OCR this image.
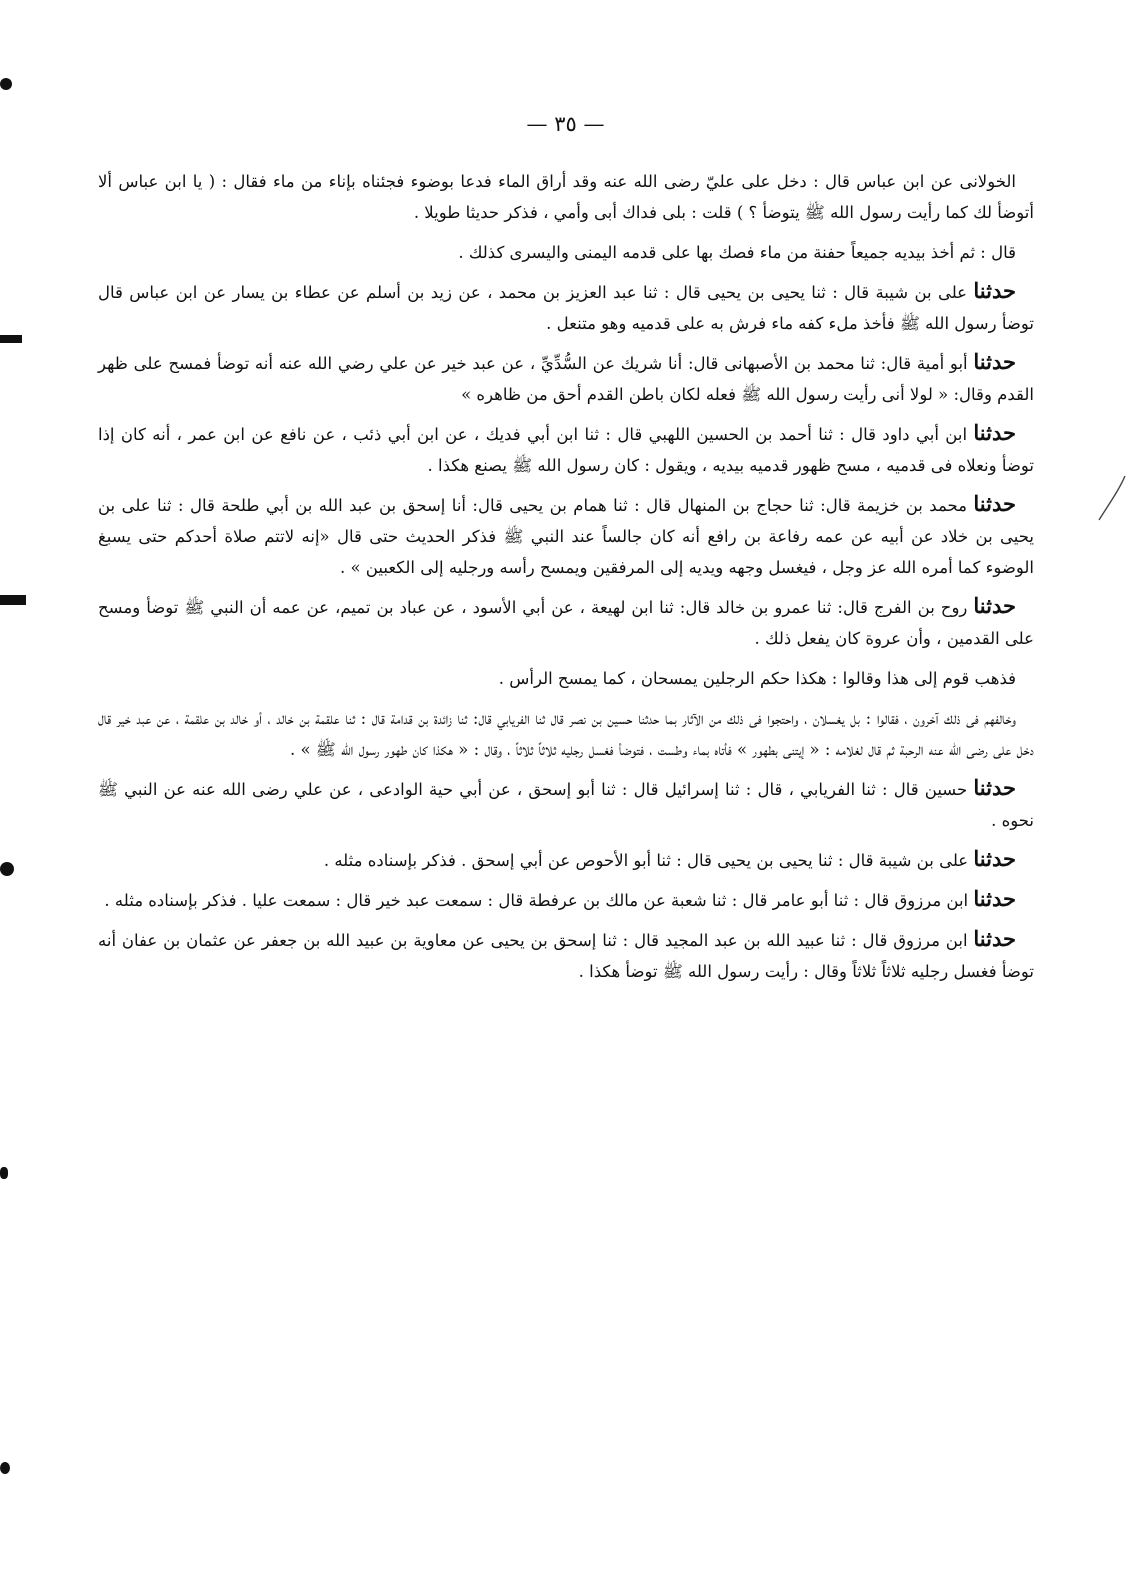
— ٣٥ —

الخولانى عن ابن عباس قال : دخل على عليّ رضى الله عنه وقد أراق الماء فدعا بوضوء فجئناه بإناء من ماء فقال : ( يا ابن عباس ألا أتوضأ لك كما رأيت رسول الله ﷺ يتوضأ ؟ ) قلت : بلى فداك أبى وأمي ، فذكر حديثا طويلا .

قال : ثم أخذ بيديه جميعاً حفنة من ماء فصك بها على قدمه اليمنى واليسرى كذلك .

حدثنا على بن شيبة قال : ثنا يحيى بن يحيى قال : ثنا عبد العزيز بن محمد ، عن زيد بن أسلم عن عطاء بن يسار عن ابن عباس قال توضأ رسول الله ﷺ فأخذ ملء كفه ماء فرش به على قدميه وهو متنعل .

حدثنا أبو أمية قال: ثنا محمد بن الأصبهانى قال: أنا شريك عن السُّدِّيِّ ، عن عبد خير عن علي رضي الله عنه أنه توضأ فمسح على ظهر القدم وقال: « لولا أنى رأيت رسول الله ﷺ فعله لكان باطن القدم أحق من ظاهره »

حدثنا ابن أبي داود قال : ثنا أحمد بن الحسين اللهبي قال : ثنا ابن أبي فديك ، عن ابن أبي ذئب ، عن نافع عن ابن عمر ، أنه كان إذا توضأ ونعلاه فى قدميه ، مسح ظهور قدميه بيديه ، ويقول : كان رسول الله ﷺ يصنع هكذا .

حدثنا محمد بن خزيمة قال: ثنا حجاج بن المنهال قال : ثنا همام بن يحيى قال: أنا إسحق بن عبد الله بن أبي طلحة قال : ثنا على بن يحيى بن خلاد عن أبيه عن عمه رفاعة بن رافع أنه كان جالساً عند النبي ﷺ فذكر الحديث حتى قال «إنه لاتتم صلاة أحدكم حتى يسبغ الوضوء كما أمره الله عز وجل ، فيغسل وجهه ويديه إلى المرفقين ويمسح رأسه ورجليه إلى الكعبين » .

حدثنا روح بن الفرج قال: ثنا عمرو بن خالد قال: ثنا ابن لهيعة ، عن أبي الأسود ، عن عباد بن تميم، عن عمه أن النبي ﷺ توضأ ومسح على القدمين ، وأن عروة كان يفعل ذلك .

فذهب قوم إلى هذا وقالوا : هكذا حكم الرجلين يمسحان ، كما يمسح الرأس .

وخالفهم فى ذلك آخرون ، فقالوا : بل يغسلان ، واحتجوا فى ذلك من الآثار بما حدثنا حسين بن نصر قال ثنا الفريابي قال: ثنا زائدة بن قدامة قال : ثنا علقمة بن خالد ، أو خالد بن علقمة ، عن عبد خير قال دخل على رضى الله عنه الرحبة ثم قال لغلامه : « إيتنى بطهور » فأتاه بماء وطست ، فتوضأ فغسل رجليه ثلاثاً ثلاثاً ، وقال : « هكذا كان طهور رسول الله ﷺ » .

حدثنا حسين قال : ثنا الفريابي ، قال : ثنا إسرائيل قال : ثنا أبو إسحق ، عن أبي حية الوادعى ، عن علي رضى الله عنه عن النبي ﷺ نحوه .

حدثنا على بن شيبة قال : ثنا يحيى بن يحيى قال : ثنا أبو الأحوص عن أبي إسحق . فذكر بإسناده مثله .

حدثنا ابن مرزوق قال : ثنا أبو عامر قال : ثنا شعبة عن مالك بن عرفطة قال : سمعت عبد خير قال : سمعت عليا . فذكر بإسناده مثله .

حدثنا ابن مرزوق قال : ثنا عبيد الله بن عبد المجيد قال : ثنا إسحق بن يحيى عن معاوية بن عبيد الله بن جعفر عن عثمان بن عفان أنه توضأ فغسل رجليه ثلاثاً ثلاثاً وقال : رأيت رسول الله ﷺ توضأ هكذا .
